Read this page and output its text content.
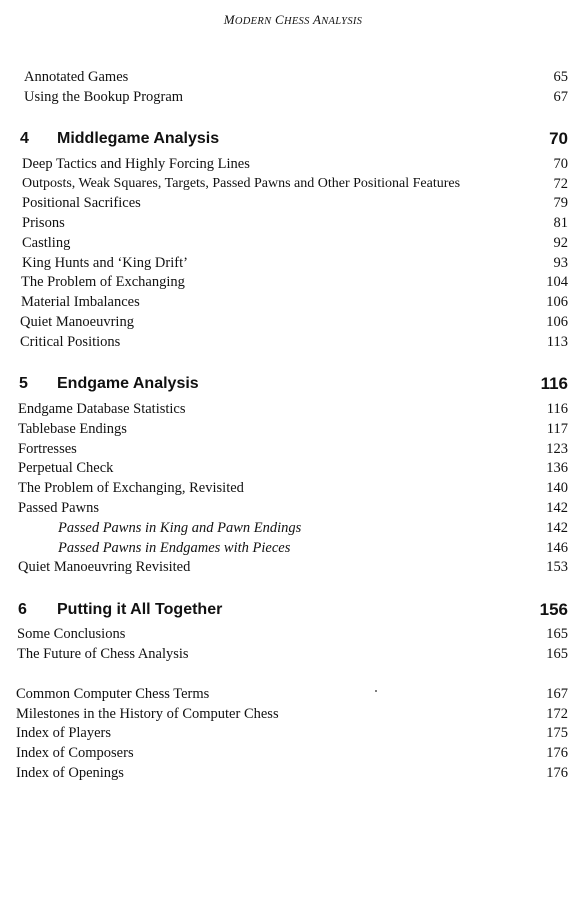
MODERN CHESS ANALYSIS
Annotated Games	65
Using the Bookup Program	67
4 Middlegame Analysis	70
Deep Tactics and Highly Forcing Lines	70
Outposts, Weak Squares, Targets, Passed Pawns and Other Positional Features	72
Positional Sacrifices	79
Prisons	81
Castling	92
King Hunts and ‘King Drift’	93
The Problem of Exchanging	104
Material Imbalances	106
Quiet Manoeuvring	106
Critical Positions	113
5 Endgame Analysis	116
Endgame Database Statistics	116
Tablebase Endings	117
Fortresses	123
Perpetual Check	136
The Problem of Exchanging, Revisited	140
Passed Pawns	142
Passed Pawns in King and Pawn Endings	142
Passed Pawns in Endgames with Pieces	146
Quiet Manoeuvring Revisited	153
6 Putting it All Together	156
Some Conclusions	165
The Future of Chess Analysis	165
Common Computer Chess Terms	167
Milestones in the History of Computer Chess	172
Index of Players	175
Index of Composers	176
Index of Openings	176
